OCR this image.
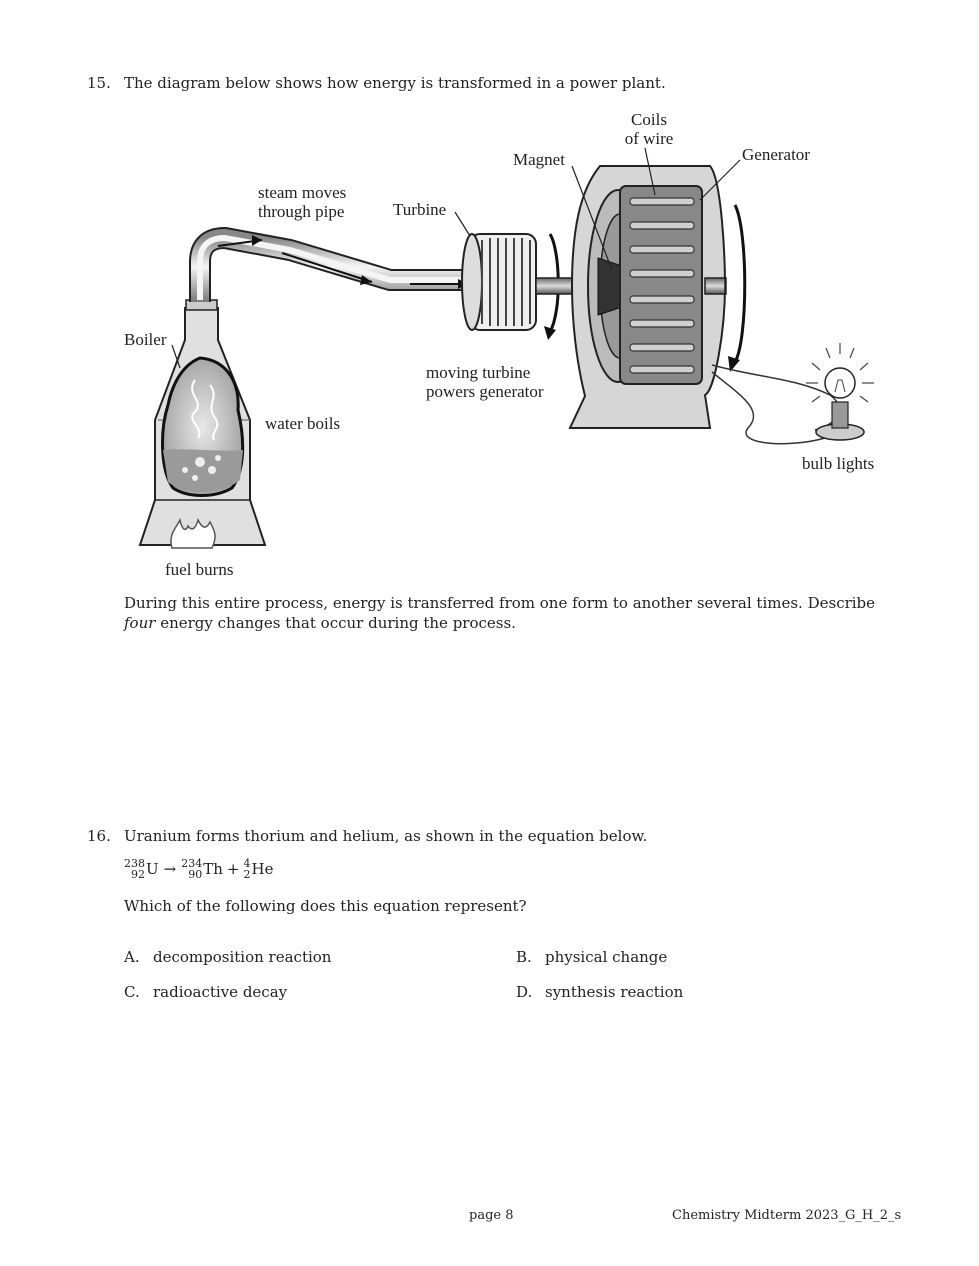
15. The diagram below shows how energy is transformed in a power plant.
Coils
of wire
Magnet	Generator
steam moves
through pipe	Turbine
Boiler
moving turbine
powers generator
water boils
bulb lights
fuel burns
During this entire process, energy is transferred from one form to another several times. Describe
four energy changes that occur during the process.
16. Uranium forms thorium and helium, as shown in the equation below.
238
92 U → 234
90 Th + 4
2 He
Which of the following does this equation represent?
A. decomposition reaction	B. physical change
C. radioactive decay	D. synthesis reaction
page 8	Chemistry Midterm 2023_G_H_2_s
